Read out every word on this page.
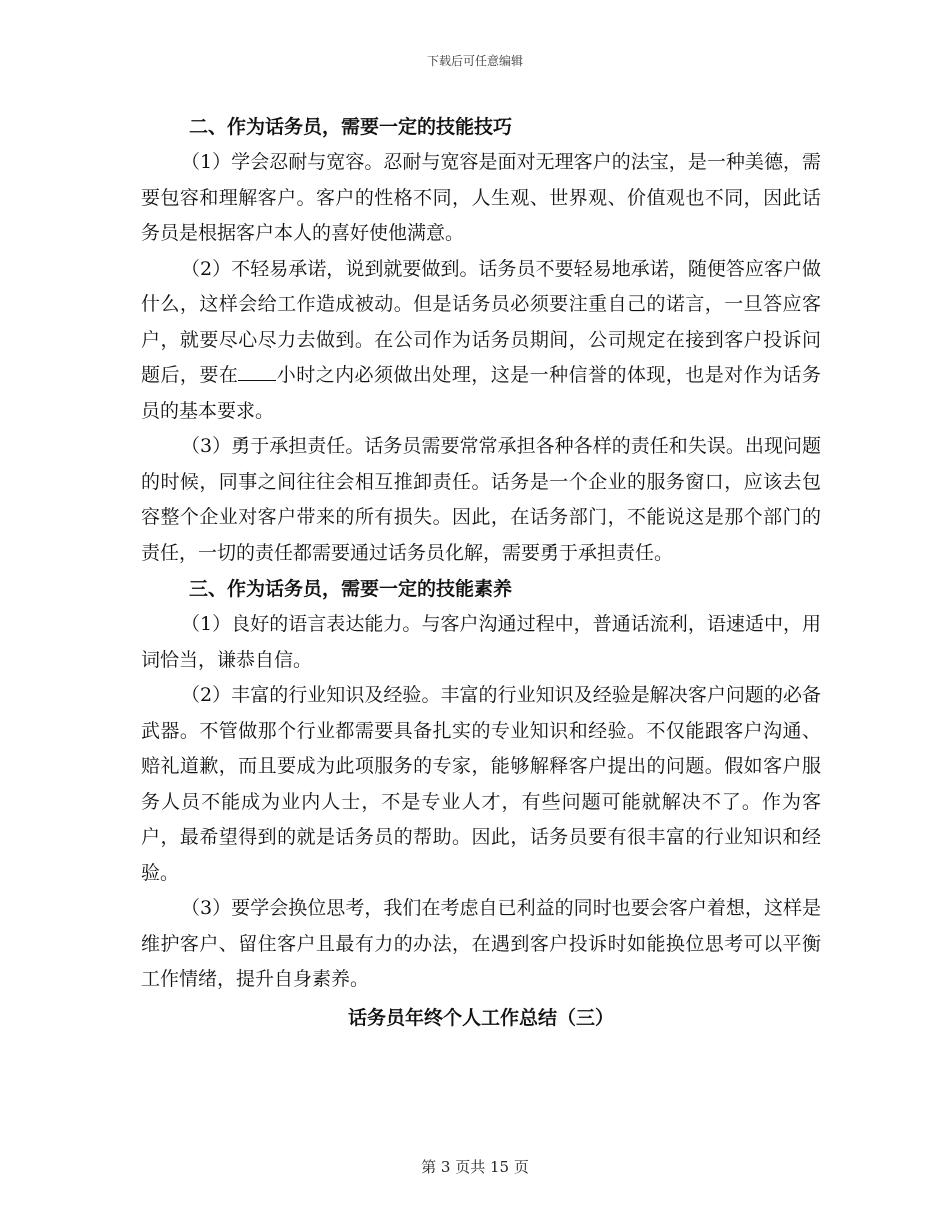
下载后可任意编辑

二、作为话务员，需要一定的技能技巧

（1）学会忍耐与宽容。忍耐与宽容是面对无理客户的法宝，是一种美德，需要包容和理解客户。客户的性格不同，人生观、世界观、价值观也不同，因此话务员是根据客户本人的喜好使他满意。

（2）不轻易承诺，说到就要做到。话务员不要轻易地承诺，随便答应客户做什么，这样会给工作造成被动。但是话务员必须要注重自己的诺言，一旦答应客户，就要尽心尽力去做到。在公司作为话务员期间，公司规定在接到客户投诉问题后，要在 小时之内必须做出处理，这是一种信誉的体现，也是对作为话务员的基本要求。

（3）勇于承担责任。话务员需要常常承担各种各样的责任和失误。出现问题的时候，同事之间往往会相互推卸责任。话务是一个企业的服务窗口，应该去包容整个企业对客户带来的所有损失。因此，在话务部门，不能说这是那个部门的责任，一切的责任都需要通过话务员化解，需要勇于承担责任。

三、作为话务员，需要一定的技能素养

（1）良好的语言表达能力。与客户沟通过程中，普通话流利，语速适中，用词恰当，谦恭自信。

（2）丰富的行业知识及经验。丰富的行业知识及经验是解决客户问题的必备武器。不管做那个行业都需要具备扎实的专业知识和经验。不仅能跟客户沟通、赔礼道歉，而且要成为此项服务的专家，能够解释客户提出的问题。假如客户服务人员不能成为业内人士，不是专业人才，有些问题可能就解决不了。作为客户，最希望得到的就是话务员的帮助。因此，话务员要有很丰富的行业知识和经验。

（3）要学会换位思考，我们在考虑自已利益的同时也要会客户着想，这样是维护客户、留住客户且最有力的办法，在遇到客户投诉时如能换位思考可以平衡工作情绪，提升自身素养。

话务员年终个人工作总结（三）

第 3 页共 15 页
